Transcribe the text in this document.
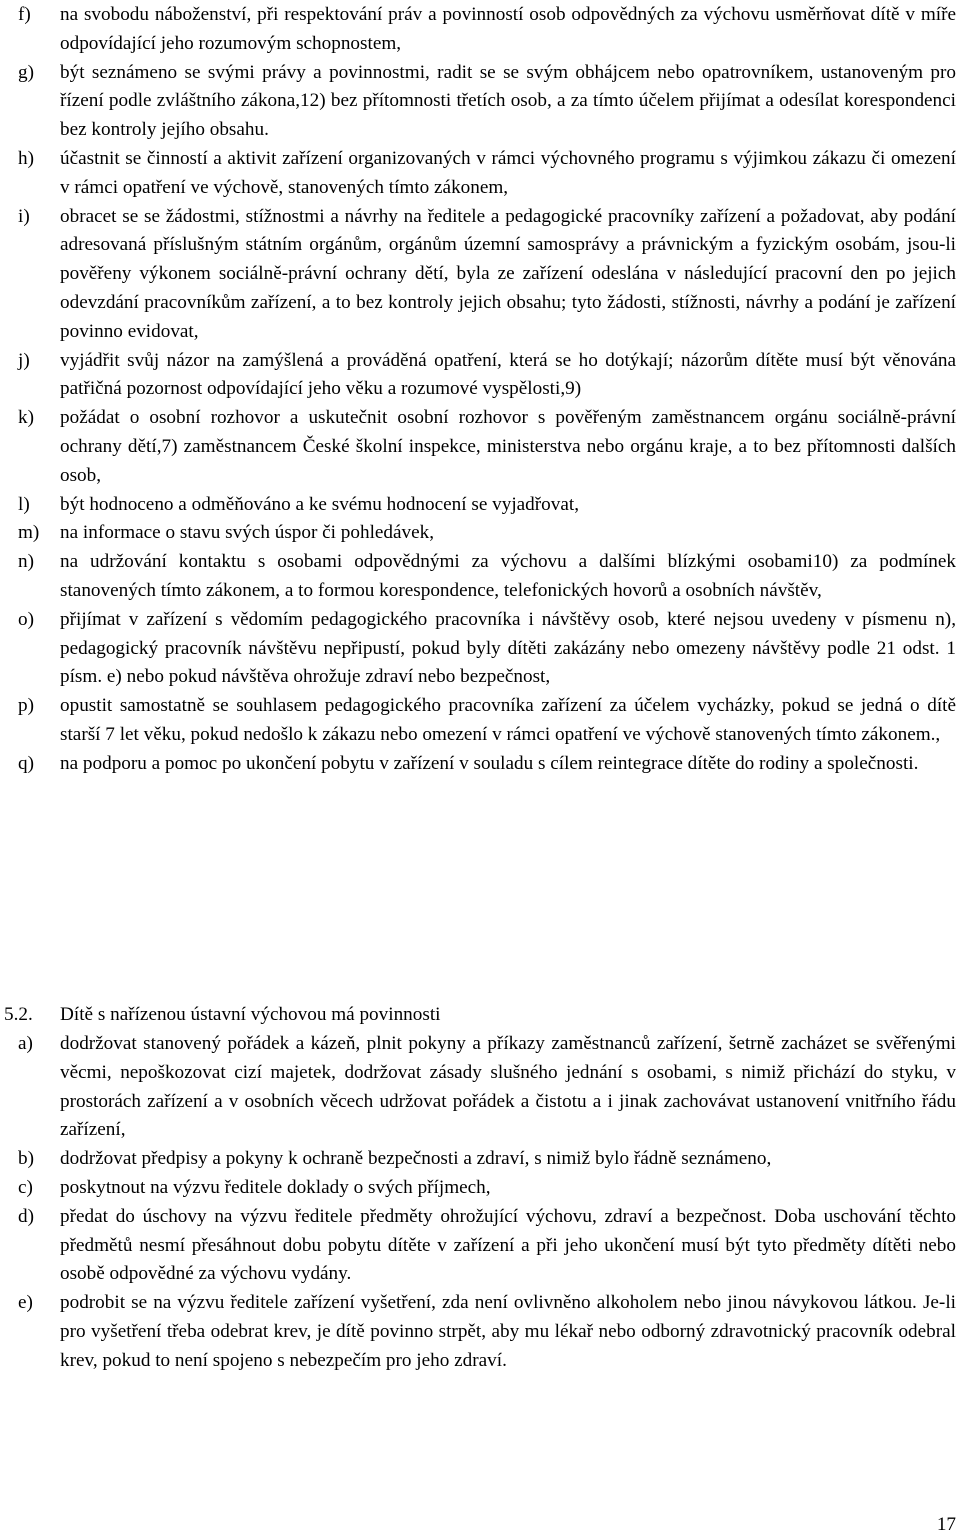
f) na svobodu náboženství, při respektování práv a povinností osob odpovědných za výchovu usměrňovat dítě v míře odpovídající jeho rozumovým schopnostem,
g) být seznámeno se svými právy a povinnostmi, radit se se svým obhájcem nebo opatrovníkem, ustanoveným pro řízení podle zvláštního zákona,12) bez přítomnosti třetích osob, a za tímto účelem přijímat a odesílat korespondenci bez kontroly jejího obsahu.
h) účastnit se činností a aktivit zařízení organizovaných v rámci výchovného programu s výjimkou zákazu či omezení v rámci opatření ve výchově, stanovených tímto zákonem,
i) obracet se se žádostmi, stížnostmi a návrhy na ředitele a pedagogické pracovníky zařízení a požadovat, aby podání adresovaná příslušným státním orgánům, orgánům územní samosprávy a právnickým a fyzickým osobám, jsou-li pověřeny výkonem sociálně-právní ochrany dětí, byla ze zařízení odeslána v následující pracovní den po jejich odevzdání pracovníkům zařízení, a to bez kontroly jejich obsahu; tyto žádosti, stížnosti, návrhy a podání je zařízení povinno evidovat,
j) vyjádřit svůj názor na zamýšlená a prováděná opatření, která se ho dotýkají; názorům dítěte musí být věnována patřičná pozornost odpovídající jeho věku a rozumové vyspělosti,9)
k) požádat o osobní rozhovor a uskutečnit osobní rozhovor s pověřeným zaměstnancem orgánu sociálně-právní ochrany dětí,7) zaměstnancem České školní inspekce, ministerstva nebo orgánu kraje, a to bez přítomnosti dalších osob,
l) být hodnoceno a odměňováno a ke svému hodnocení se vyjadřovat,
m) na informace o stavu svých úspor či pohledávek,
n) na udržování kontaktu s osobami odpovědnými za výchovu a dalšími blízkými osobami10) za podmínek stanovených tímto zákonem, a to formou korespondence, telefonických hovorů a osobních návštěv,
o) přijímat v zařízení s vědomím pedagogického pracovníka i návštěvy osob, které nejsou uvedeny v písmenu n), pedagogický pracovník návštěvu nepřipustí, pokud byly dítěti zakázány nebo omezeny návštěvy podle 21 odst. 1 písm. e) nebo pokud návštěva ohrožuje zdraví nebo bezpečnost,
p) opustit samostatně se souhlasem pedagogického pracovníka zařízení za účelem vycházky, pokud se jedná o dítě starší 7 let věku, pokud nedošlo k zákazu nebo omezení v rámci opatření ve výchově stanovených tímto zákonem.,
q) na podporu a pomoc po ukončení pobytu v zařízení v souladu s cílem reintegrace dítěte do rodiny a společnosti.
5.2. Dítě s nařízenou ústavní výchovou má povinnosti
a) dodržovat stanovený pořádek a kázeň, plnit pokyny a příkazy zaměstnanců zařízení, šetrně zacházet se svěřenými věcmi, nepoškozovat cizí majetek, dodržovat zásady slušného jednání s osobami, s nimiž přichází do styku, v prostorách zařízení a v osobních věcech udržovat pořádek a čistotu a i jinak zachovávat ustanovení vnitřního řádu zařízení,
b) dodržovat předpisy a pokyny k ochraně bezpečnosti a zdraví, s nimiž bylo řádně seznámeno,
c) poskytnout na výzvu ředitele doklady o svých příjmech,
d) předat do úschovy na výzvu ředitele předměty ohrožující výchovu, zdraví a bezpečnost. Doba uschování těchto předmětů nesmí přesáhnout dobu pobytu dítěte v zařízení a při jeho ukončení musí být tyto předměty dítěti nebo osobě odpovědné za výchovu vydány.
e) podrobit se na výzvu ředitele zařízení vyšetření, zda není ovlivněno alkoholem nebo jinou návykovou látkou. Je-li pro vyšetření třeba odebrat krev, je dítě povinno strpět, aby mu lékař nebo odborný zdravotnický pracovník odebral krev, pokud to není spojeno s nebezpečím pro jeho zdraví.
17
